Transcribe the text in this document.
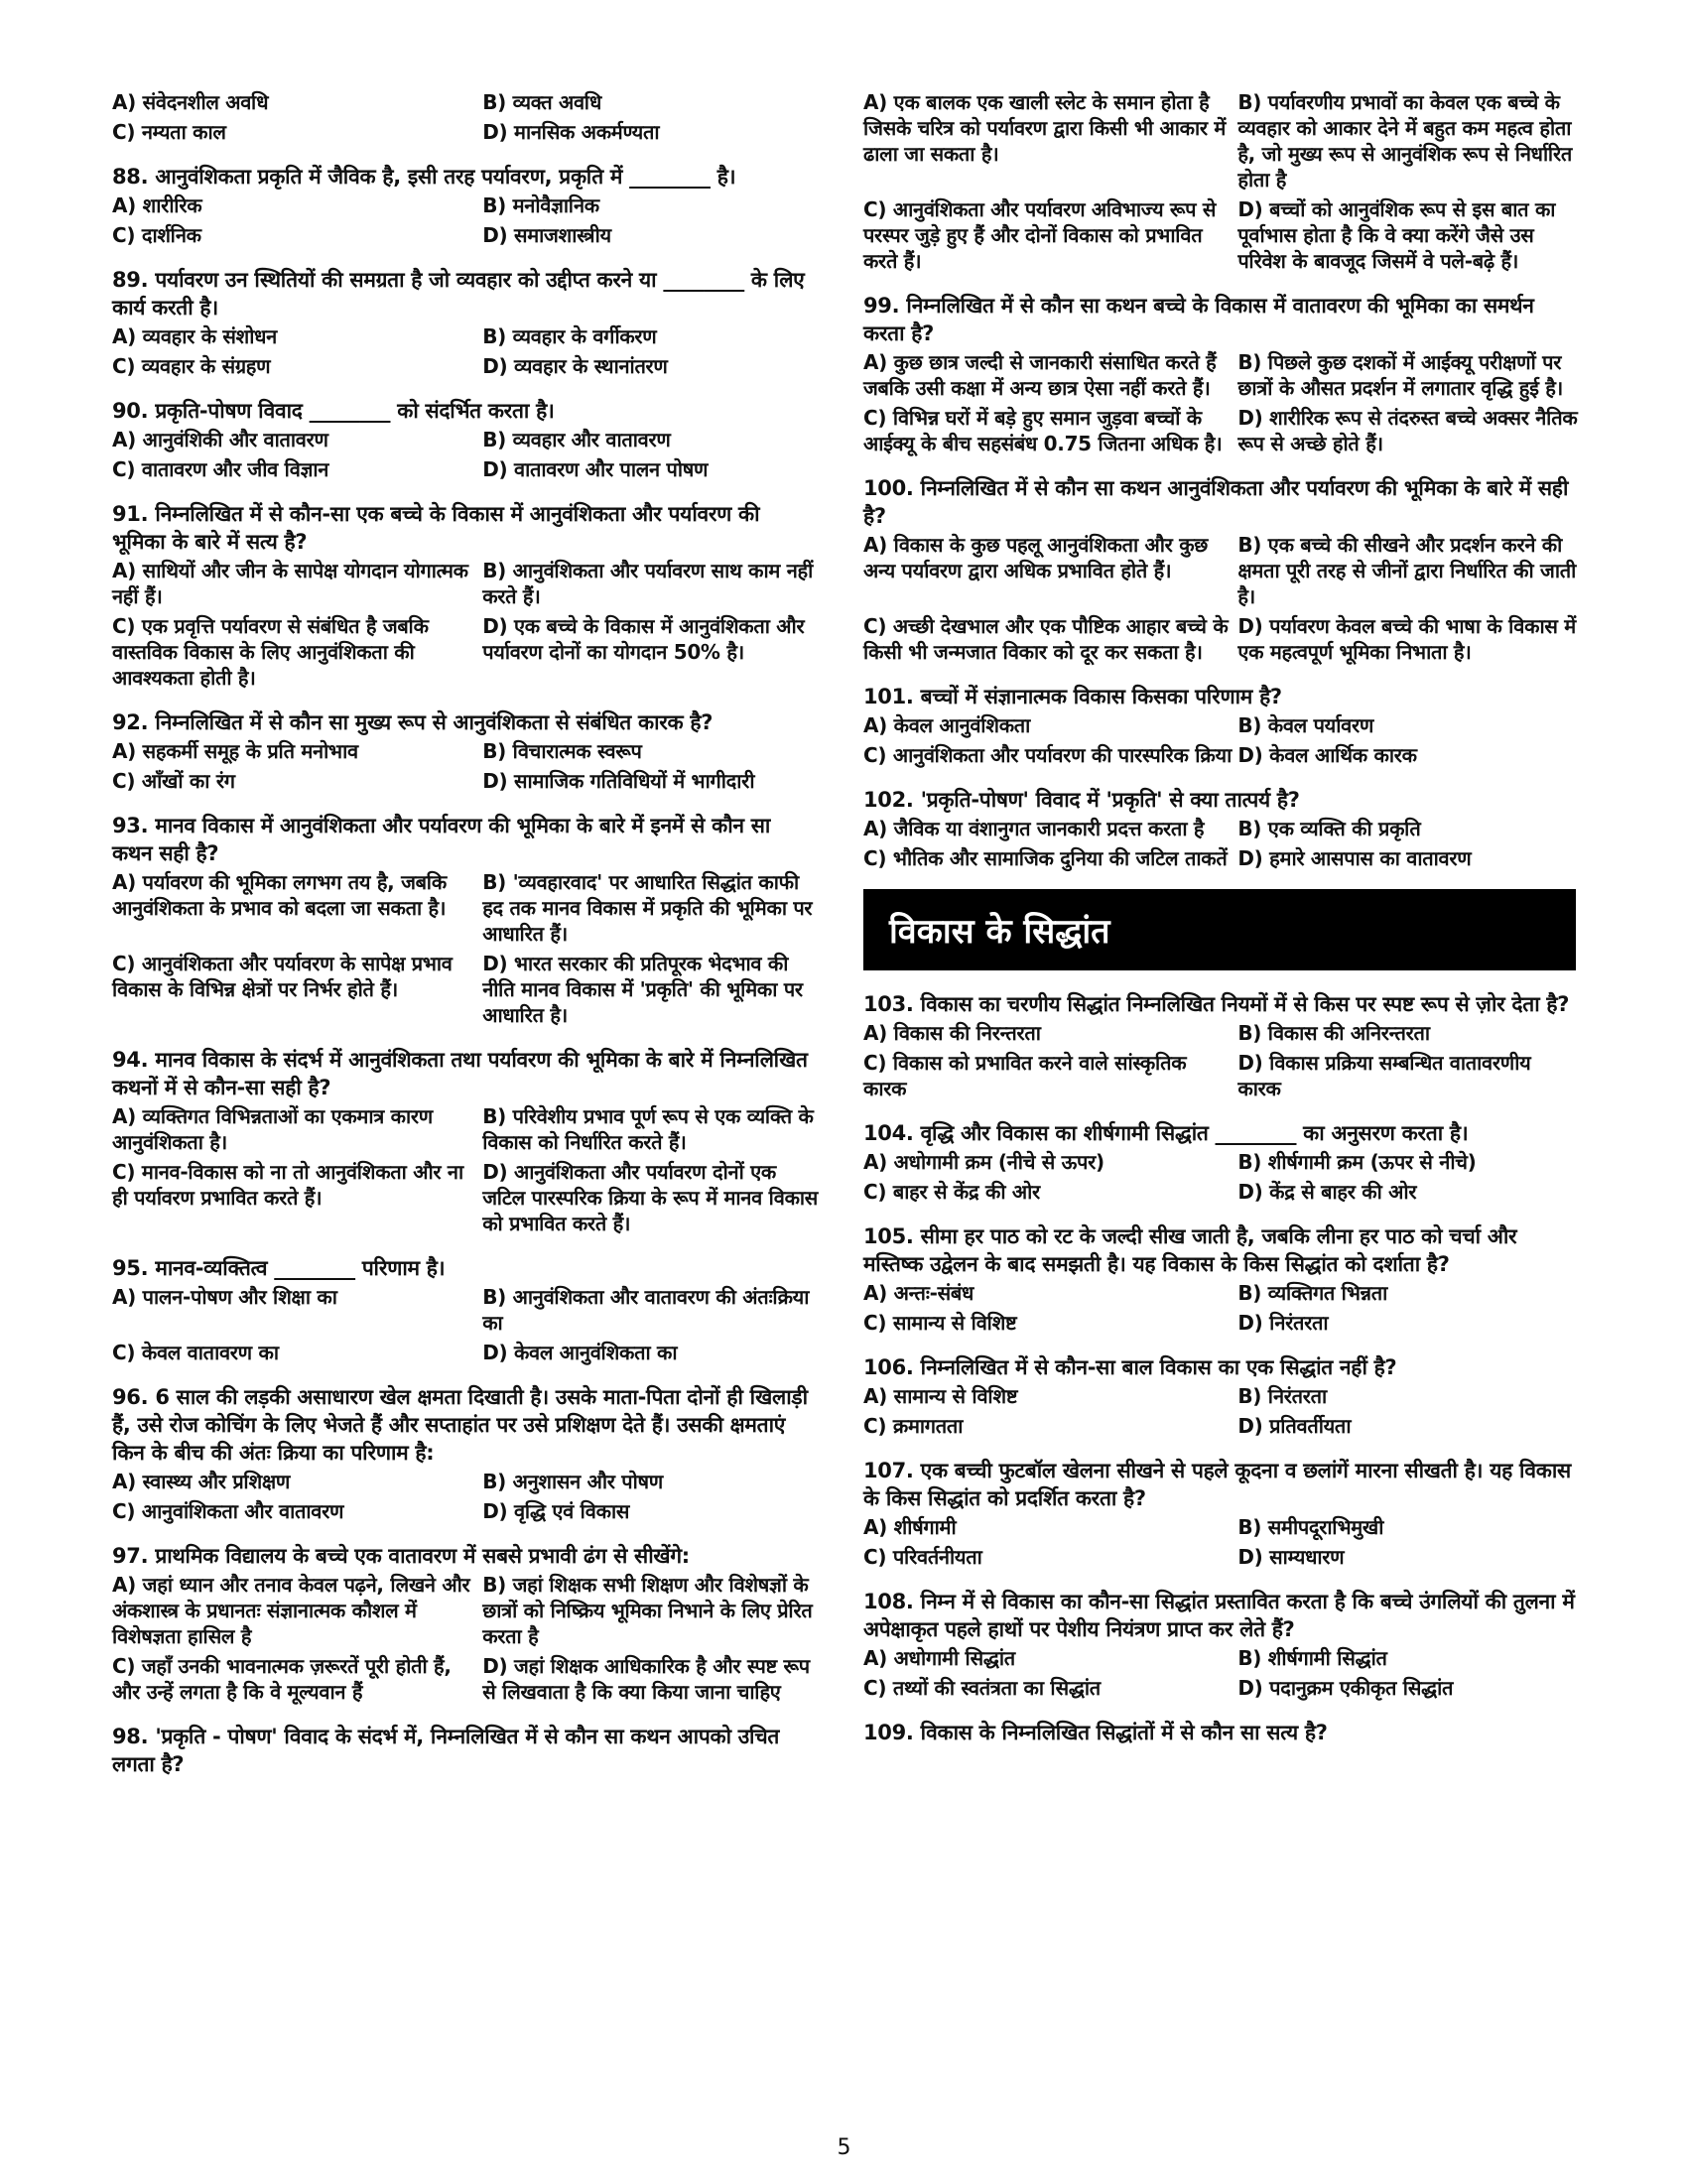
A) संवेदनशील अवधि	B) व्यक्त अवधि
C) नम्यता काल	D) मानसिक अकर्मण्यता
88. आनुवंशिकता प्रकृति में जैविक है, इसी तरह पर्यावरण, प्रकृति में ________ है।
A) शारीरिक	B) मनोवैज्ञानिक
C) दार्शनिक	D) समाजशास्त्रीय
89. पर्यावरण उन स्थितियों की समग्रता है जो व्यवहार को उद्दीप्त करने या ________ के लिए कार्य करती है।
A) व्यवहार के संशोधन	B) व्यवहार के वर्गीकरण
C) व्यवहार के संग्रहण	D) व्यवहार के स्थानांतरण
90. प्रकृति-पोषण विवाद ________ को संदर्भित करता है।
A) आनुवंशिकी और वातावरण	B) व्यवहार और वातावरण
C) वातावरण और जीव विज्ञान	D) वातावरण और पालन पोषण
91. निम्नलिखित में से कौन-सा एक बच्चे के विकास में आनुवंशिकता और पर्यावरण की भूमिका के बारे में सत्य है?
A) साथियों और जीन के सापेक्ष योगदान योगात्मक नहीं हैं।
B) आनुवंशिकता और पर्यावरण साथ काम नहीं करते हैं।
C) एक प्रवृत्ति पर्यावरण से संबंधित है जबकि वास्तविक विकास के लिए आनुवंशिकता की आवश्यकता होती है।
D) एक बच्चे के विकास में आनुवंशिकता और पर्यावरण दोनों का योगदान 50% है।
92. निम्नलिखित में से कौन सा मुख्य रूप से आनुवंशिकता से संबंधित कारक है?
A) सहकर्मी समूह के प्रति मनोभाव	B) विचारात्मक स्वरूप
C) आँखों का रंग	D) सामाजिक गतिविधियों में भागीदारी
93. मानव विकास में आनुवंशिकता और पर्यावरण की भूमिका के बारे में इनमें से कौन सा कथन सही है?
A) पर्यावरण की भूमिका लगभग तय है, जबकि आनुवंशिकता के प्रभाव को बदला जा सकता है।
B) 'व्यवहारवाद' पर आधारित सिद्धांत काफी हद तक मानव विकास में प्रकृति की भूमिका पर आधारित हैं।
C) आनुवंशिकता और पर्यावरण के सापेक्ष प्रभाव विकास के विभिन्न क्षेत्रों पर निर्भर होते हैं।
D) भारत सरकार की प्रतिपूरक भेदभाव की नीति मानव विकास में 'प्रकृति' की भूमिका पर आधारित है।
94. मानव विकास के संदर्भ में आनुवंशिकता तथा पर्यावरण की भूमिका के बारे में निम्नलिखित कथनों में से कौन-सा सही है?
A) व्यक्तिगत विभिन्नताओं का एकमात्र कारण आनुवंशिकता है।
B) परिवेशीय प्रभाव पूर्ण रूप से एक व्यक्ति के विकास को निर्धारित करते हैं।
C) मानव-विकास को ना तो आनुवंशिकता और ना ही पर्यावरण प्रभावित करते हैं।
D) आनुवंशिकता और पर्यावरण दोनों एक जटिल पारस्परिक क्रिया के रूप में मानव विकास को प्रभावित करते हैं।
95. मानव-व्यक्तित्व ________ परिणाम है।
A) पालन-पोषण और शिक्षा का	B) आनुवंशिकता और वातावरण की अंतःक्रिया का
C) केवल वातावरण का	D) केवल आनुवंशिकता का
96. 6 साल की लड़की असाधारण खेल क्षमता दिखाती है। उसके माता-पिता दोनों ही खिलाड़ी हैं, उसे रोज कोचिंग के लिए भेजते हैं और सप्ताहांत पर उसे प्रशिक्षण देते हैं। उसकी क्षमताएं किन के बीच की अंतः क्रिया का परिणाम है:
A) स्वास्थ्य और प्रशिक्षण	B) अनुशासन और पोषण
C) आनुवांशिकता और वातावरण	D) वृद्धि एवं विकास
97. प्राथमिक विद्यालय के बच्चे एक वातावरण में सबसे प्रभावी ढंग से सीखेंगे:
A) जहां ध्यान और तनाव केवल पढ़ने, लिखने और अंकशास्त्र के प्रधानतः संज्ञानात्मक कौशल में विशेषज्ञता हासिल है
B) जहां शिक्षक सभी शिक्षण और विशेषज्ञों के छात्रों को निष्क्रिय भूमिका निभाने के लिए प्रेरित करता है
C) जहाँ उनकी भावनात्मक ज़रूरतें पूरी होती हैं, और उन्हें लगता है कि वे मूल्यवान हैं
D) जहां शिक्षक आधिकारिक है और स्पष्ट रूप से लिखवाता है कि क्या किया जाना चाहिए
98. 'प्रकृति - पोषण' विवाद के संदर्भ में, निम्नलिखित में से कौन सा कथन आपको उचित लगता है?
A) एक बालक एक खाली स्लेट के समान होता है जिसके चरित्र को पर्यावरण द्वारा किसी भी आकार में ढाला जा सकता है।
B) पर्यावरणीय प्रभावों का केवल एक बच्चे के व्यवहार को आकार देने में बहुत कम महत्व होता है, जो मुख्य रूप से आनुवंशिक रूप से निर्धारित होता है
C) आनुवंशिकता और पर्यावरण अविभाज्य रूप से परस्पर जुड़े हुए हैं और दोनों विकास को प्रभावित करते हैं।
D) बच्चों को आनुवंशिक रूप से इस बात का पूर्वाभास होता है कि वे क्या करेंगे जैसे उस परिवेश के बावजूद जिसमें वे पले-बढ़े हैं।
99. निम्नलिखित में से कौन सा कथन बच्चे के विकास में वातावरण की भूमिका का समर्थन करता है?
A) कुछ छात्र जल्दी से जानकारी संसाधित करते हैं जबकि उसी कक्षा में अन्य छात्र ऐसा नहीं करते हैं।
B) पिछले कुछ दशकों में आईक्यू परीक्षणों पर छात्रों के औसत प्रदर्शन में लगातार वृद्धि हुई है।
C) विभिन्न घरों में बड़े हुए समान जुड़वा बच्चों के आईक्यू के बीच सहसंबंध 0.75 जितना अधिक है।
D) शारीरिक रूप से तंदरुस्त बच्चे अक्सर नैतिक रूप से अच्छे होते हैं।
100. निम्नलिखित में से कौन सा कथन आनुवंशिकता और पर्यावरण की भूमिका के बारे में सही है?
A) विकास के कुछ पहलू आनुवंशिकता और कुछ अन्य पर्यावरण द्वारा अधिक प्रभावित होते हैं।
B) एक बच्चे की सीखने और प्रदर्शन करने की क्षमता पूरी तरह से जीनों द्वारा निर्धारित की जाती है।
C) अच्छी देखभाल और एक पौष्टिक आहार बच्चे के किसी भी जन्मजात विकार को दूर कर सकता है।
D) पर्यावरण केवल बच्चे की भाषा के विकास में एक महत्वपूर्ण भूमिका निभाता है।
101. बच्चों में संज्ञानात्मक विकास किसका परिणाम है?
A) केवल आनुवंशिकता	B) केवल पर्यावरण
C) आनुवंशिकता और पर्यावरण की पारस्परिक क्रिया D) केवल आर्थिक कारक
102. 'प्रकृति-पोषण' विवाद में 'प्रकृति' से क्या तात्पर्य है?
A) जैविक या वंशानुगत जानकारी प्रदत्त करता है	B) एक व्यक्ति की प्रकृति
C) भौतिक और सामाजिक दुनिया की जटिल ताकतें D) हमारे आसपास का वातावरण
विकास के सिद्धांत
103. विकास का चरणीय सिद्धांत निम्नलिखित नियमों में से किस पर स्पष्ट रूप से ज़ोर देता है?
A) विकास की निरन्तरता	B) विकास की अनिरन्तरता
C) विकास को प्रभावित करने वाले सांस्कृतिक कारक
D) विकास प्रक्रिया सम्बन्धित वातावरणीय कारक
104. वृद्धि और विकास का शीर्षगामी सिद्धांत ________ का अनुसरण करता है।
A) अधोगामी क्रम (नीचे से ऊपर)	B) शीर्षगामी क्रम (ऊपर से नीचे)
C) बाहर से केंद्र की ओर	D) केंद्र से बाहर की ओर
105. सीमा हर पाठ को रट के जल्दी सीख जाती है, जबकि लीना हर पाठ को चर्चा और मस्तिष्क उद्वेलन के बाद समझती है। यह विकास के किस सिद्धांत को दर्शाता है?
A) अन्तः-संबंध	B) व्यक्तिगत भिन्नता
C) सामान्य से विशिष्ट	D) निरंतरता
106. निम्नलिखित में से कौन-सा बाल विकास का एक सिद्धांत नहीं है?
A) सामान्य से विशिष्ट	B) निरंतरता
C) क्रमागतता	D) प्रतिवर्तीयता
107. एक बच्ची फुटबॉल खेलना सीखने से पहले कूदना व छलांगें मारना सीखती है। यह विकास के किस सिद्धांत को प्रदर्शित करता है?
A) शीर्षगामी	B) समीपदूराभिमुखी
C) परिवर्तनीयता	D) साम्यधारण
108. निम्न में से विकास का कौन-सा सिद्धांत प्रस्तावित करता है कि बच्चे उंगलियों की तुलना में अपेक्षाकृत पहले हाथों पर पेशीय नियंत्रण प्राप्त कर लेते हैं?
A) अधोगामी सिद्धांत	B) शीर्षगामी सिद्धांत
C) तथ्यों की स्वतंत्रता का सिद्धांत	D) पदानुक्रम एकीकृत सिद्धांत
109. विकास के निम्नलिखित सिद्धांतों में से कौन सा सत्य है?
5
